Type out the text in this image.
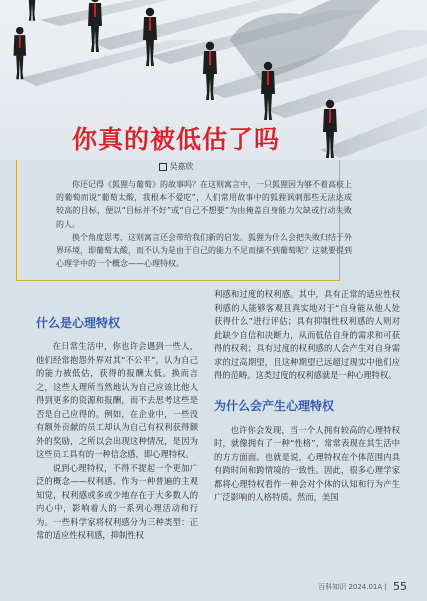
你真的被低估了吗
吴嘉欣

你还记得《狐狸与葡萄》的故事吗？在这则寓言中，一只狐狸因为够不着高枝上的葡萄而说“葡萄太酸，我根本不爱吃”，人们常用故事中的狐狸讽刺那些无法达成较高的目标，便以“目标并不好”或“自己不想要”为由掩盖自身能力欠缺或行动失败的人。

换个角度思考，这则寓言还会带给我们新的启发。狐狸为什么会把失败归结于外界环境，即葡萄太酸，而不认为是由于自己的能力不足而摘不到葡萄呢？这就要提到心理学中的一个概念——心理特权。

什么是心理特权

在日常生活中，你也许会遇到一些人，他们经常抱怨外界对其“不公平”，认为自己的能力被低估，获得的报酬太低。换而言之，这些人理所当然地认为自己应该比他人得到更多的资源和报酬，而不去思考这些是否是自己应得的。例如，在企业中，一些没有额外贡献的员工却认为自己有权利获得额外的奖励，之所以会出现这种情况，是因为这些员工具有的一种信念感，即心理特权。

说到心理特权，不得不提起一个更加广泛的概念——权利感。作为一种普遍的主观知觉，权利感或多或少地存在于大多数人的内心中，影响着人的一系列心理活动和行为。一些科学家将权利感分为三种类型：正常的适应性权利感，抑制性权

利感和过度的权利感。其中，具有正常的适应性权利感的人能够客观且真实地对于“自身能从他人处获得什么”进行评估；具有抑制性权利感的人则对此缺少自信和决断力，从而低估自身的需求和可获得的权利；具有过度的权利感的人会产生对自身需求的过高期望，且这种期望已远超过现实中他们应得的范畴。这类过度的权利感就是一种心理特权。

为什么会产生心理特权

也许你会发现，当一个人拥有较高的心理特权时，就像拥有了一种“性格”，常常表现在其生活中的方方面面。也就是说，心理特权在个体范围内具有跨时间和跨情境的一致性。因此，很多心理学家都将心理特权看作一种会对个体的认知和行为产生广泛影响的人格特质。然而，美国

百科知识 2024.01A | 55
